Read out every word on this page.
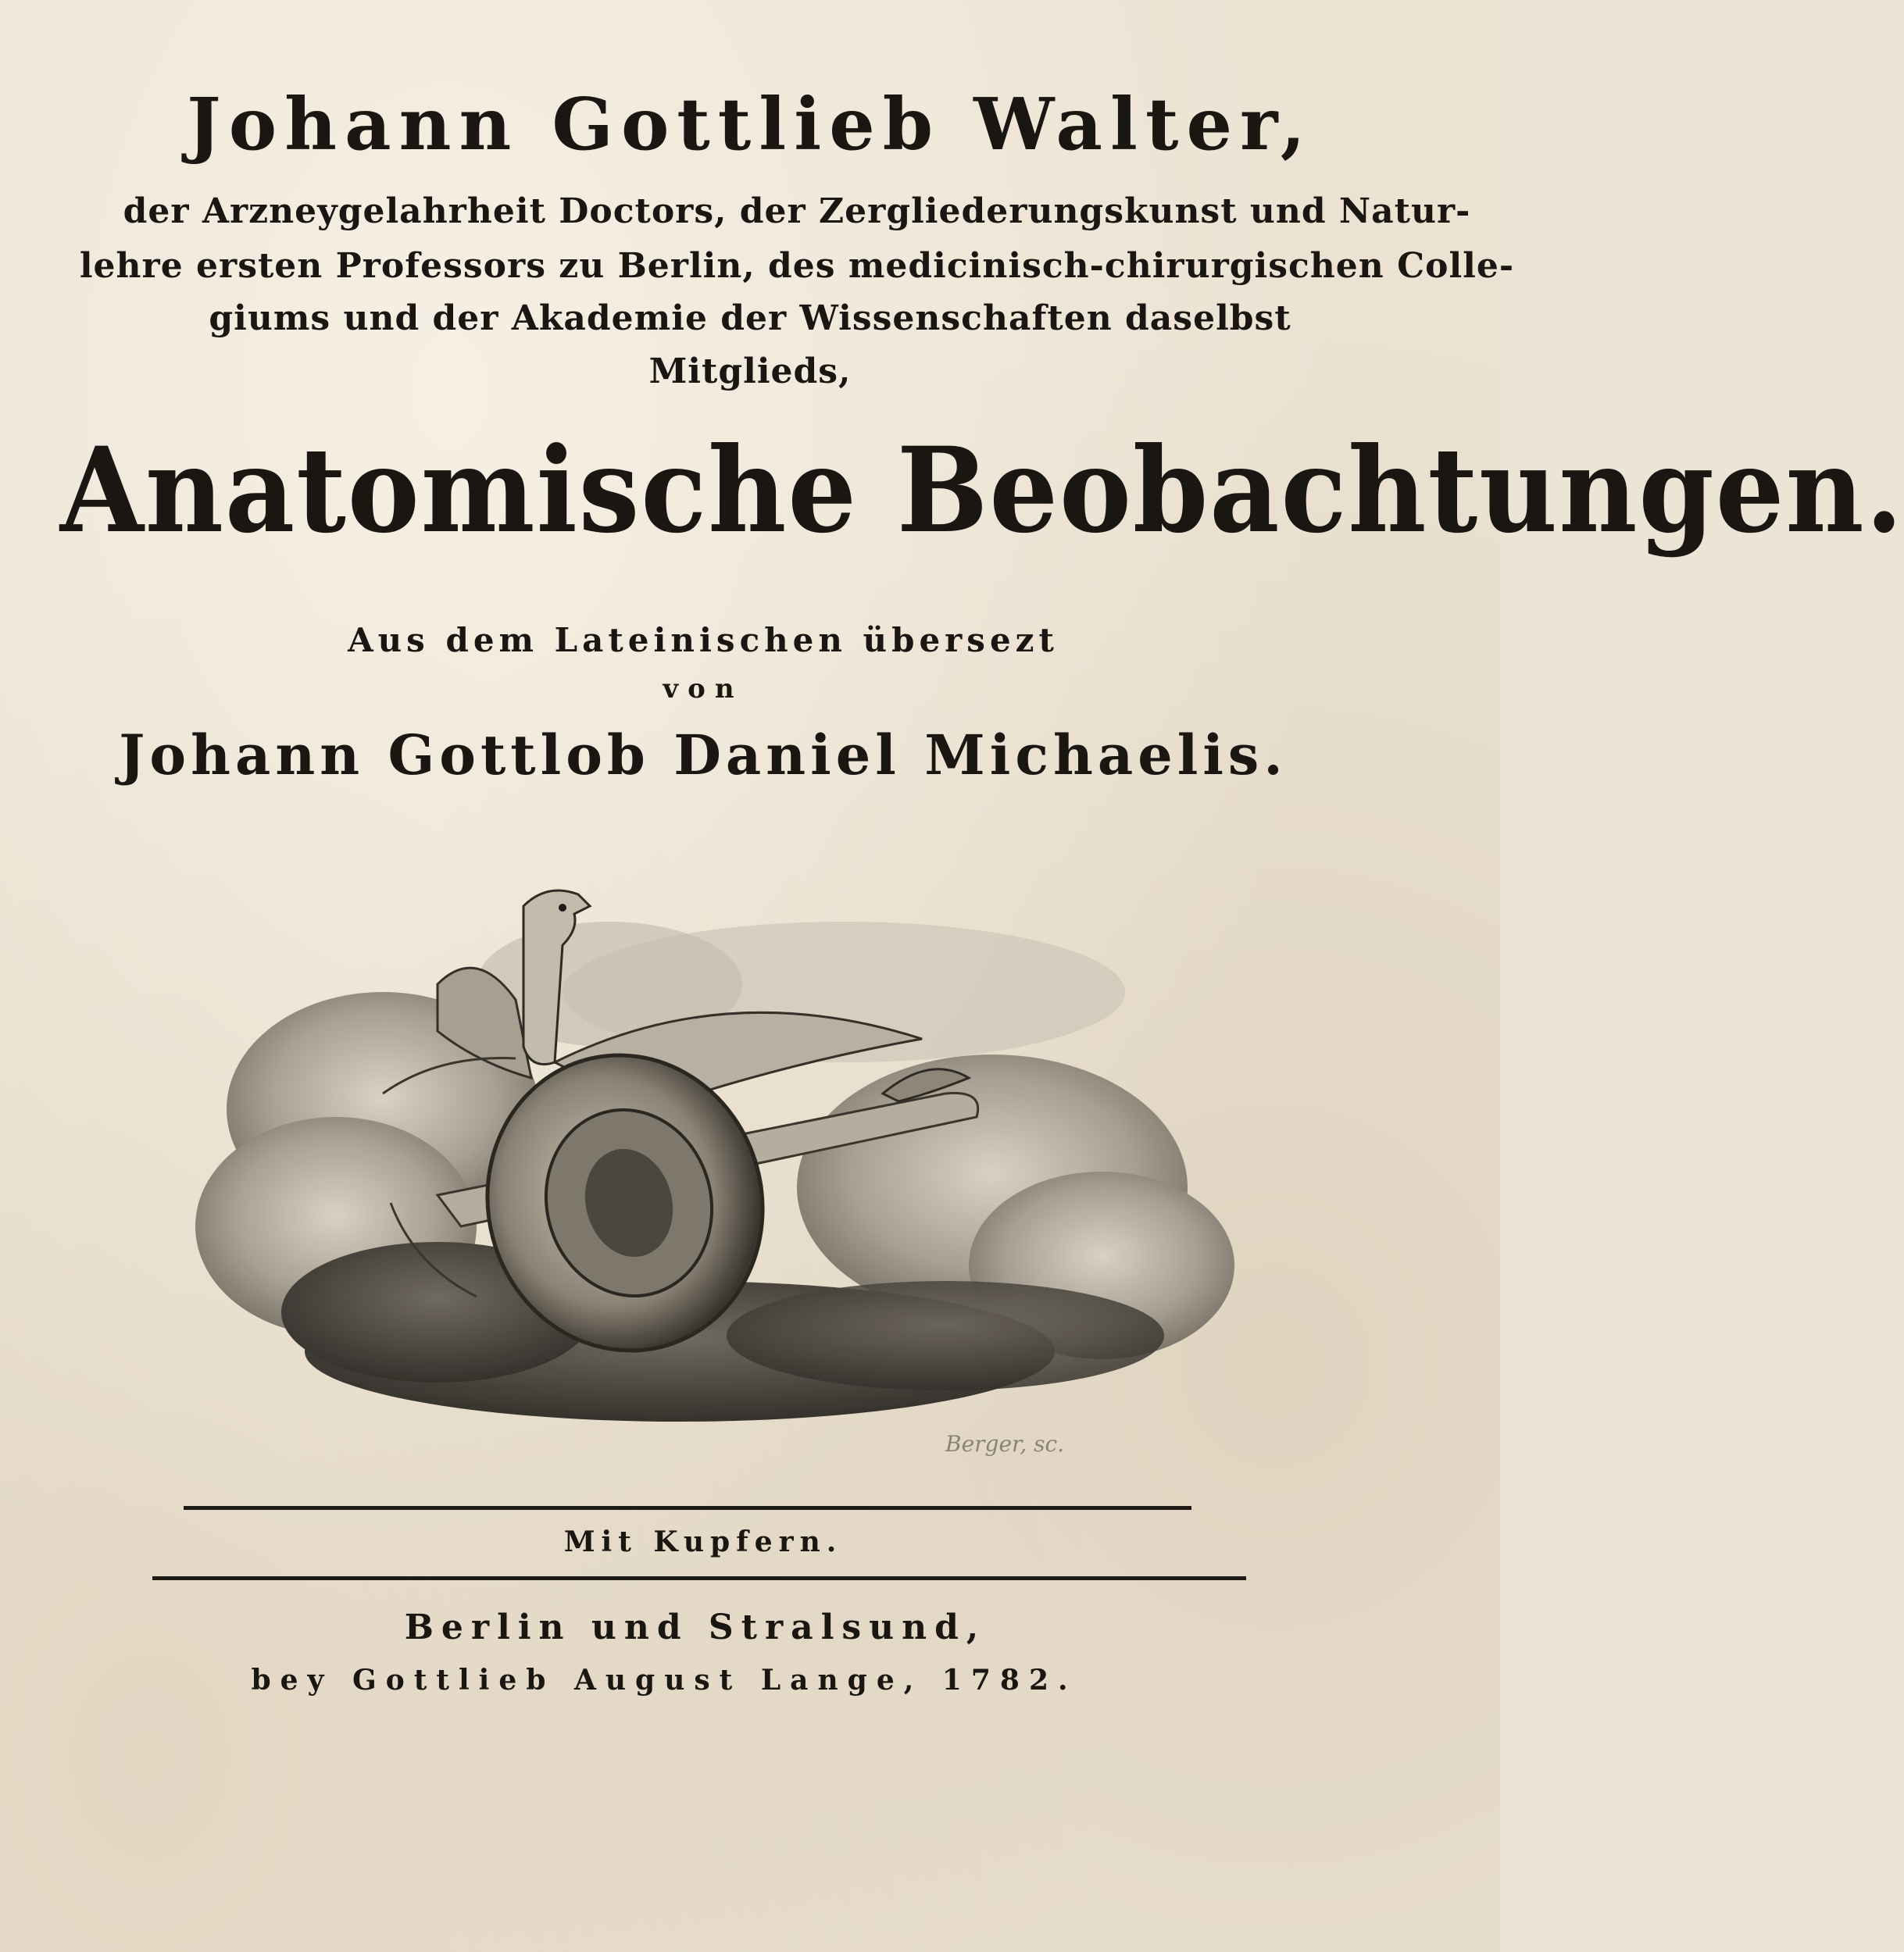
Johann Gottlieb Walter,
der Arzneygelahrheit Doctors, der Zergliederungskunst und Natur-
lehre ersten Professors zu Berlin, des medicinisch-chirurgischen Colle-
giums und der Akademie der Wissenschaften daselbst
Mitglieds,
Anatomische Beobachtungen.
Aus dem Lateinischen übersezt
von
Johann Gottlob Daniel Michaelis.
Berger, sc.
Mit Kupfern.
Berlin und Stralsund,
bey Gottlieb August Lange, 1782.
